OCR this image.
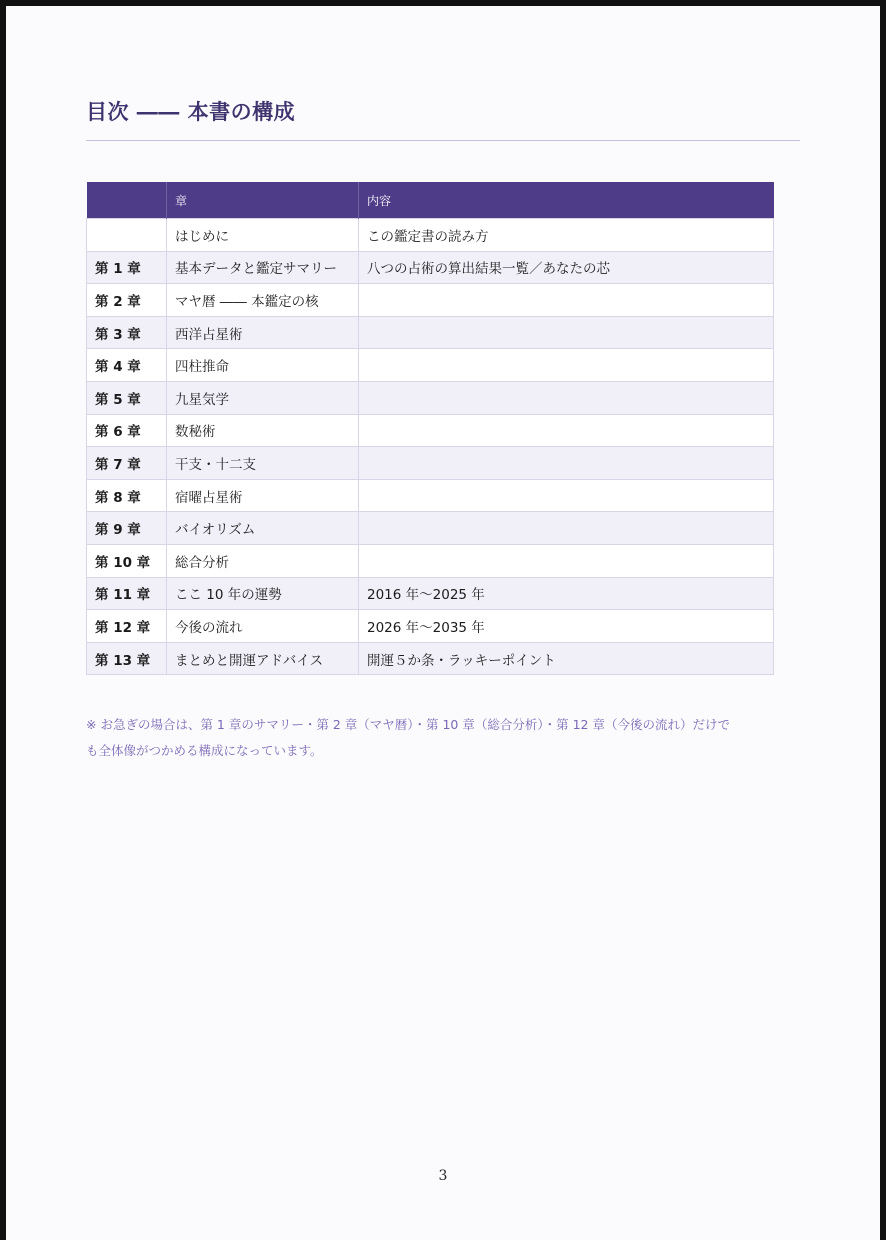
目次 ―― 本書の構成
	章	内容
	はじめに	この鑑定書の読み方
第 1 章	基本データと鑑定サマリー	八つの占術の算出結果一覧／あなたの芯
第 2 章	マヤ暦 ―― 本鑑定の核	
第 3 章	西洋占星術	
第 4 章	四柱推命	
第 5 章	九星気学	
第 6 章	数秘術	
第 7 章	干支・十二支	
第 8 章	宿曜占星術	
第 9 章	バイオリズム	
第 10 章	総合分析	
第 11 章	ここ 10 年の運勢	2016 年～2025 年
第 12 章	今後の流れ	2026 年～2035 年
第 13 章	まとめと開運アドバイス	開運５か条・ラッキーポイント
※ お急ぎの場合は、第 1 章のサマリー・第 2 章（マヤ暦）・第 10 章（総合分析）・第 12 章（今後の流れ）だけで
も全体像がつかめる構成になっています。
3
